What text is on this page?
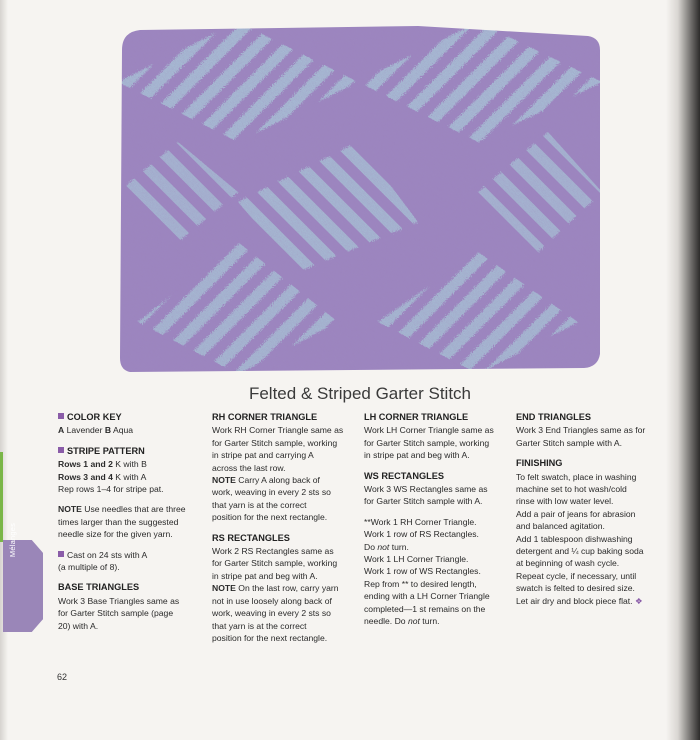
Mélanges
Felted & Striped Garter Stitch
COLOR KEY

A Lavender B Aqua

STRIPE PATTERN

Rows 1 and 2 K with B

Rows 3 and 4 K with A

Rep rows 1–4 for stripe pat.

NOTE Use needles that are three

times larger than the suggested

needle size for the given yarn.

Cast on 24 sts with A

(a multiple of 8).

BASE TRIANGLES

Work 3 Base Triangles same as

for Garter Stitch sample (page

20) with A.

RH CORNER TRIANGLE

Work RH Corner Triangle same as

for Garter Stitch sample, working

in stripe pat and carrying A

across the last row.

NOTE Carry A along back of

work, weaving in every 2 sts so

that yarn is at the correct

position for the next rectangle.

RS RECTANGLES

Work 2 RS Rectangles same as

for Garter Stitch sample, working

in stripe pat and beg with A.

NOTE On the last row, carry yarn

not in use loosely along back of

work, weaving in every 2 sts so

that yarn is at the correct

position for the next rectangle.

LH CORNER TRIANGLE

Work LH Corner Triangle same as

for Garter Stitch sample, working

in stripe pat and beg with A.

WS RECTANGLES

Work 3 WS Rectangles same as

for Garter Stitch sample with A.

**Work 1 RH Corner Triangle.

Work 1 row of RS Rectangles.

Do not turn.

Work 1 LH Corner Triangle.

Work 1 row of WS Rectangles.

Rep from ** to desired length,

ending with a LH Corner Triangle

completed—1 st remains on the

needle. Do not turn.

END TRIANGLES

Work 3 End Triangles same as for

Garter Stitch sample with A.

FINISHING

To felt swatch, place in washing

machine set to hot wash/cold

rinse with low water level.

Add a pair of jeans for abrasion

and balanced agitation.

Add 1 tablespoon dishwashing

detergent and ¼ cup baking soda

at beginning of wash cycle.

Repeat cycle, if necessary, until

swatch is felted to desired size.

Let air dry and block piece flat. ❖

62
